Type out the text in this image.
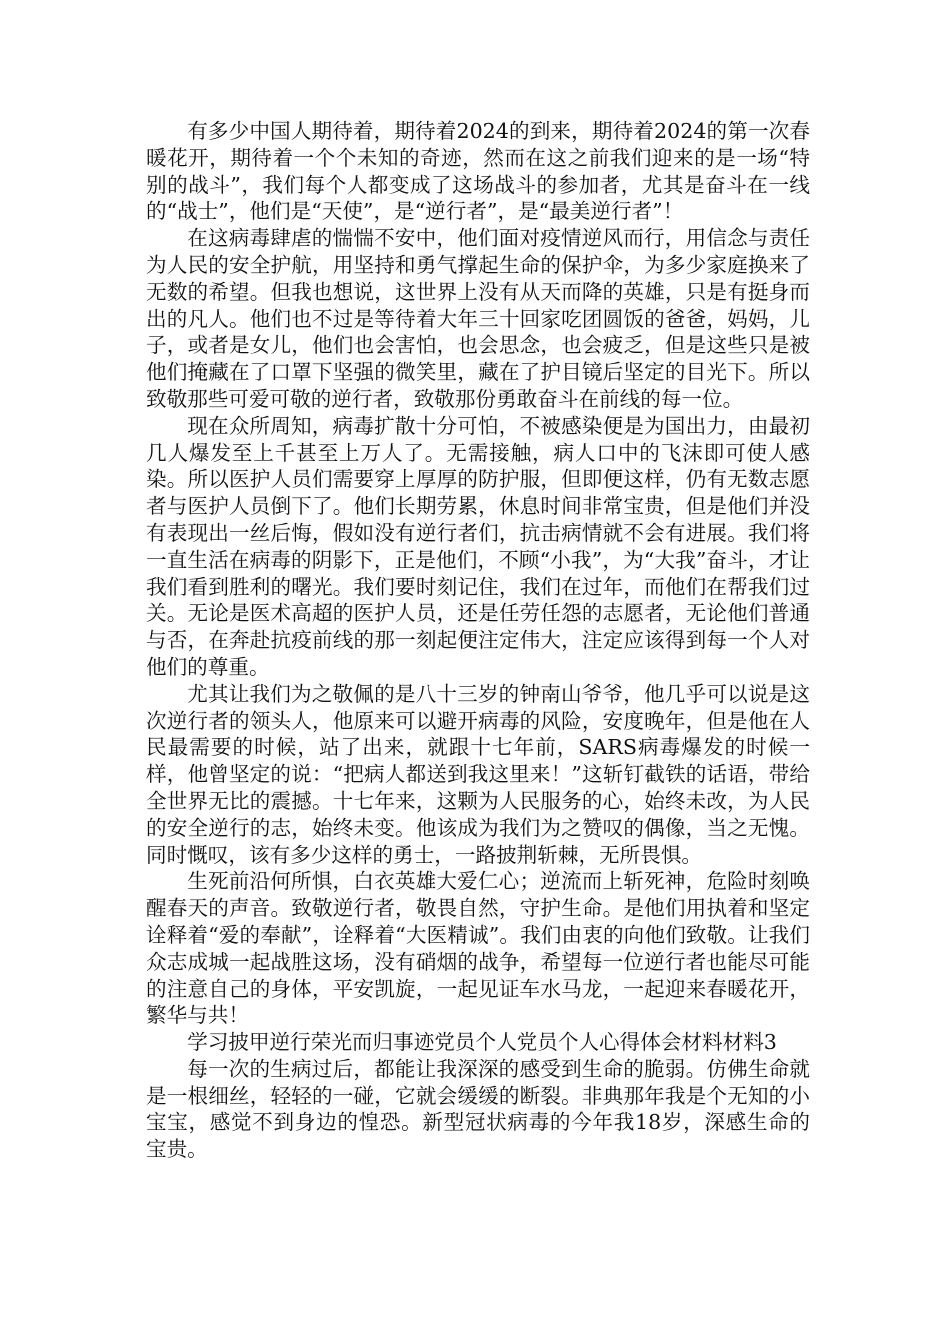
有多少中国人期待着，期待着2024的到来，期待着2024的第一次春暖花开，期待着一个个未知的奇迹，然而在这之前我们迎来的是一场“特别的战斗”，我们每个人都变成了这场战斗的参加者，尤其是奋斗在一线的“战士”，他们是“天使”，是“逆行者”，是“最美逆行者”！

在这病毒肆虐的惴惴不安中，他们面对疫情逆风而行，用信念与责任为人民的安全护航，用坚持和勇气撑起生命的保护伞，为多少家庭换来了无数的希望。但我也想说，这世界上没有从天而降的英雄，只是有挺身而出的凡人。他们也不过是等待着大年三十回家吃团圆饭的爸爸，妈妈，儿子，或者是女儿，他们也会害怕，也会思念，也会疲乏，但是这些只是被他们掩藏在了口罩下坚强的微笑里，藏在了护目镜后坚定的目光下。所以致敬那些可爱可敬的逆行者，致敬那份勇敢奋斗在前线的每一位。

现在众所周知，病毒扩散十分可怕，不被感染便是为国出力，由最初几人爆发至上千甚至上万人了。无需接触，病人口中的飞沫即可使人感染。所以医护人员们需要穿上厚厚的防护服，但即便这样，仍有无数志愿者与医护人员倒下了。他们长期劳累，休息时间非常宝贵，但是他们并没有表现出一丝后悔，假如没有逆行者们，抗击病情就不会有进展。我们将一直生活在病毒的阴影下，正是他们，不顾“小我”，为“大我”奋斗，才让我们看到胜利的曙光。我们要时刻记住，我们在过年，而他们在帮我们过关。无论是医术高超的医护人员，还是任劳任怨的志愿者，无论他们普通与否，在奔赴抗疫前线的那一刻起便注定伟大，注定应该得到每一个人对他们的尊重。

尤其让我们为之敬佩的是八十三岁的钟南山爷爷，他几乎可以说是这次逆行者的领头人，他原来可以避开病毒的风险，安度晚年，但是他在人民最需要的时候，站了出来，就跟十七年前，SARS病毒爆发的时候一样，他曾坚定的说：“把病人都送到我这里来！”这斩钉截铁的话语，带给全世界无比的震撼。十七年来，这颗为人民服务的心，始终未改，为人民的安全逆行的志，始终未变。他该成为我们为之赞叹的偶像，当之无愧。同时慨叹，该有多少这样的勇士，一路披荆斩棘，无所畏惧。

生死前沿何所惧，白衣英雄大爱仁心；逆流而上斩死神，危险时刻唤醒春天的声音。致敬逆行者，敬畏自然，守护生命。是他们用执着和坚定诠释着“爱的奉献”，诠释着“大医精诚”。我们由衷的向他们致敬。让我们众志成城一起战胜这场，没有硝烟的战争，希望每一位逆行者也能尽可能的注意自己的身体，平安凯旋，一起见证车水马龙，一起迎来春暖花开，繁华与共！

学习披甲逆行荣光而归事迹党员个人党员个人心得体会材料材料3

每一次的生病过后，都能让我深深的感受到生命的脆弱。仿佛生命就是一根细丝，轻轻的一碰，它就会缓缓的断裂。非典那年我是个无知的小宝宝，感觉不到身边的惶恐。新型冠状病毒的今年我18岁，深感生命的宝贵。
